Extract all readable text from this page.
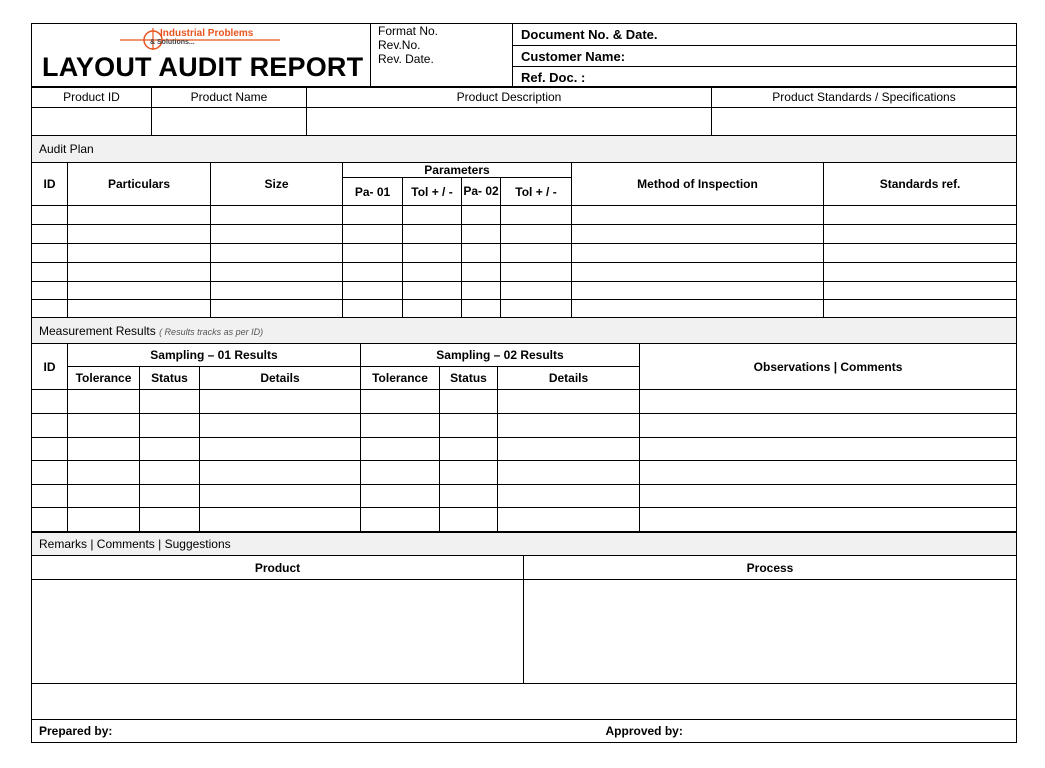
Industrial Problems
& Solutions...
LAYOUT AUDIT REPORT

Format No.
Rev.No.
Rev. Date.
	Document No. & Date.
Customer Name:
Ref. Doc. :
Product ID	Product Name	Product Description	Product Standards / Specifications

Audit Plan								
ID	Particulars	Size	Parameters				Method of Inspection	Standards ref.
			Pa- 01	Tol + / -	Pa- 02	Tol + / -		

Measurement Results ( Results tracks as per ID)							
ID	Sampling – 01 Results			Sampling – 02 Results			Observations | Comments
	Tolerance	Status	Details	Tolerance	Status	Details	

Remarks | Comments | Suggestions	
Product	Process

Prepared by:	Approved by:
